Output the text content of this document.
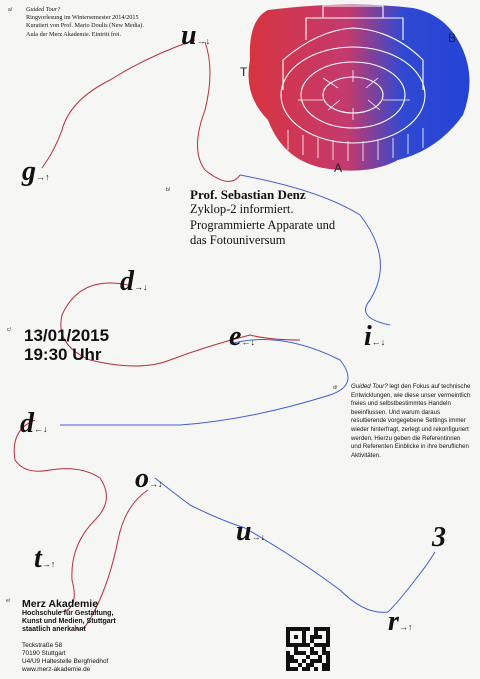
T
B
A
a/ Guided Tour?
Ringvorlesung im Wintersemester 2014/2015
Kuratiert von Prof. Mario Doulis (New Media).
Aula der Merz Akademie. Eintritt frei.
b/ Prof. Sebastian Denz
Zyklop-2 informiert.
Programmierte Apparate und
das Fotouniversum
c/ 13/01/2015
19:30 Uhr
d/ Guided Tour? legt den Fokus auf technische Entwicklungen, wie diese unser vermeintlich freies und selbstbestimmtes Handeln beeinflussen. Und warum daraus resultierende vorgegebene Settings immer wieder hinterfragt, zerlegt und rekonfiguriert werden. Hierzu geben die Referentinnen und Referenten Einblicke in ihre beruflichen Aktivitäten.
e/ Merz Akademie
Hochschule für Gestaltung,
Kunst und Medien, Stuttgart
staatlich anerkannt
Teckstraße 58
70190 Stuttgart
U4/U9 Haltestelle Bergfriedhof
www.merz-akademie.de
u→↓
g→↑
d→↓
e←↓	i←↓
d←↓
o→↓
u→↓	3
t→↑
r→↑
